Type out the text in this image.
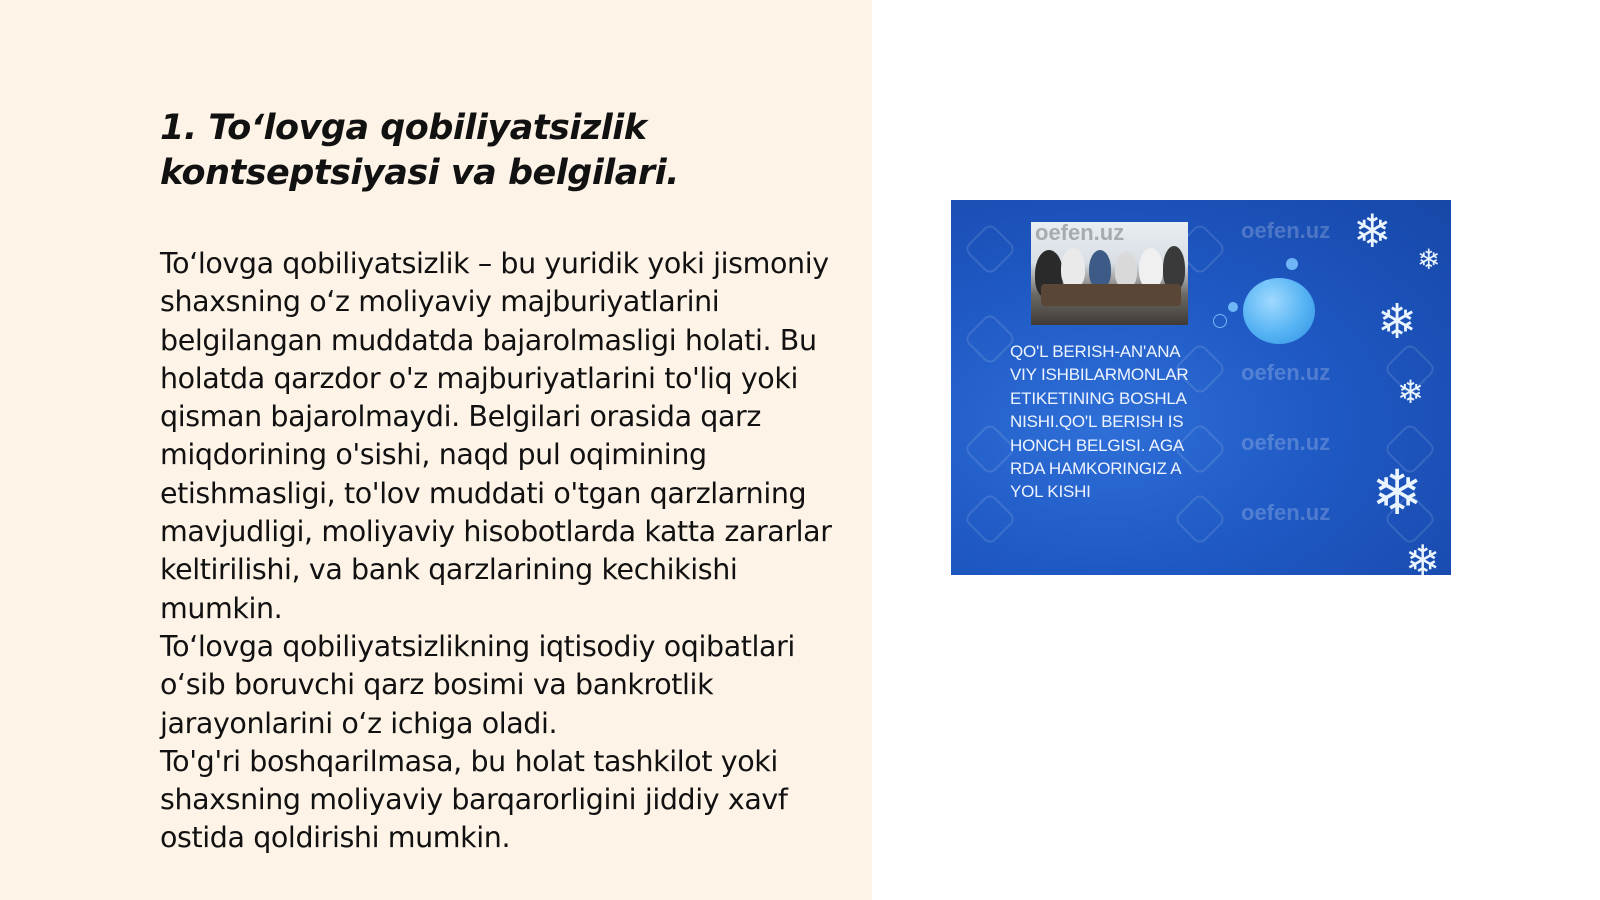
1. To‘lovga qobiliyatsizlik kontseptsiyasi va belgilari.
To‘lovga qobiliyatsizlik – bu yuridik yoki jismoniy shaxsning o‘z moliyaviy majburiyatlarini belgilangan muddatda bajarolmasligi holati. Bu holatda qarzdor o'z majburiyatlarini to'liq yoki qisman bajarolmaydi. Belgilari orasida qarz miqdorining o'sishi, naqd pul oqimining etishmasligi, to'lov muddati o'tgan qarzlarning mavjudligi, moliyaviy hisobotlarda katta zararlar keltirilishi, va bank qarzlarining kechikishi mumkin.
To‘lovga qobiliyatsizlikning iqtisodiy oqibatlari o‘sib boruvchi qarz bosimi va bankrotlik jarayonlarini o‘z ichiga oladi.
To'g'ri boshqarilmasa, bu holat tashkilot yoki shaxsning moliyaviy barqarorligini jiddiy xavf ostida qoldirishi mumkin.
oefen.uz
oefen.uz
oefen.uz
oefen.uz
oefen.uz

QO'L BERISH-AN'ANAVIY ISHBILARMONLAR ETIKETINING BOSHLANISHI.QO'L BERISH ISHONCH BELGISI. AGARDA HAMKORINGIZ AYOL KISHI

❄
❄
❄
❄
❄
❄
